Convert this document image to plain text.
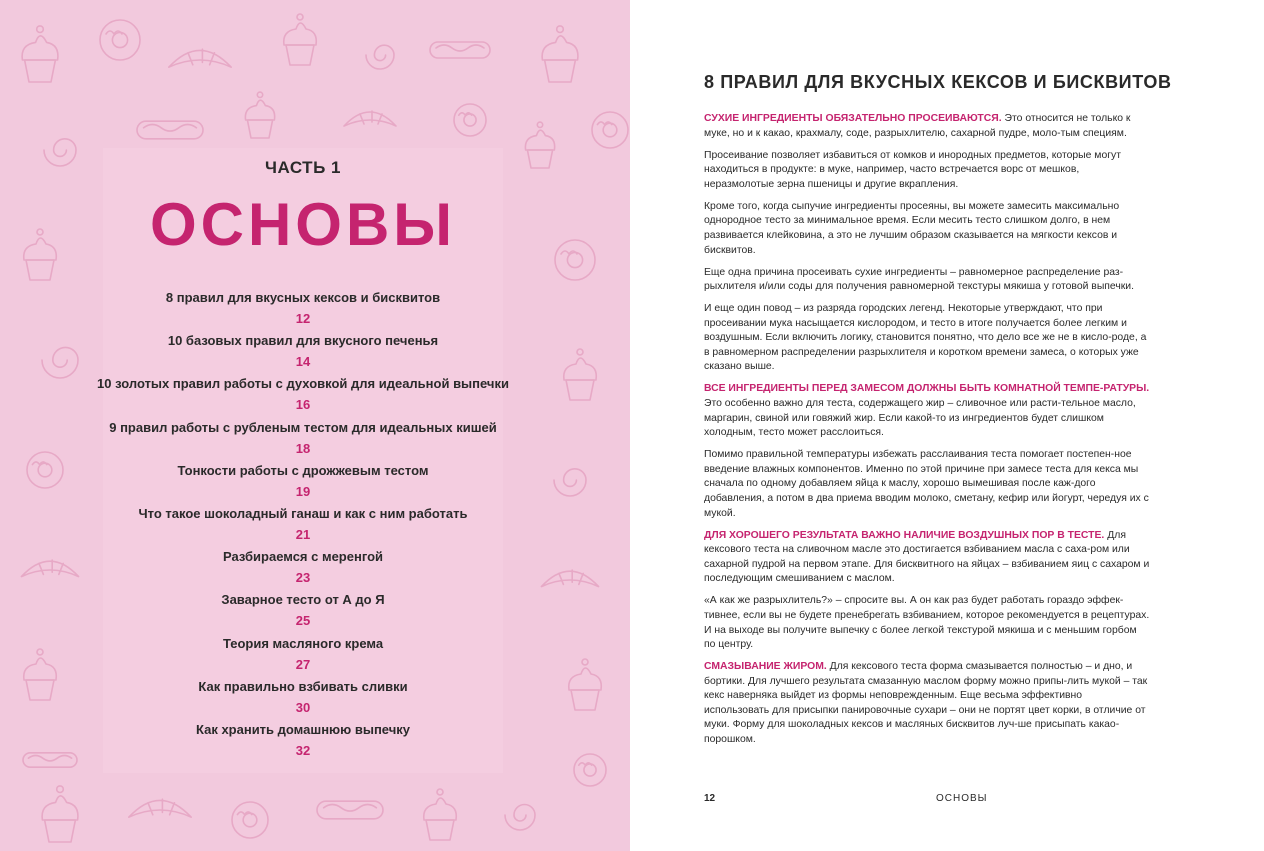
ЧАСТЬ 1
ОСНОВЫ
8 правил для вкусных кексов и бисквитов
12
10 базовых правил для вкусного печенья
14
10 золотых правил работы с духовкой для идеальной выпечки
16
9 правил работы с рубленым тестом для идеальных кишей
18
Тонкости работы с дрожжевым тестом
19
Что такое шоколадный ганаш и как с ним работать
21
Разбираемся с меренгой
23
Заварное тесто от А до Я
25
Теория масляного крема
27
Как правильно взбивать сливки
30
Как хранить домашнюю выпечку
32
8 ПРАВИЛ ДЛЯ ВКУСНЫХ КЕКСОВ И БИСКВИТОВ

СУХИЕ ИНГРЕДИЕНТЫ ОБЯЗАТЕЛЬНО ПРОСЕИВАЮТСЯ. Это относится не только к муке, но и к какао, крахмалу, соде, разрыхлителю, сахарной пудре, моло-тым специям.

Просеивание позволяет избавиться от комков и инородных предметов, которые могут находиться в продукте: в муке, например, часто встречается ворс от мешков, неразмолотые зерна пшеницы и другие вкрапления.

Кроме того, когда сыпучие ингредиенты просеяны, вы можете замесить максимально однородное тесто за минимальное время. Если месить тесто слишком долго, в нем развивается клейковина, а это не лучшим образом сказывается на мягкости кексов и бисквитов.

Еще одна причина просеивать сухие ингредиенты – равномерное распределение раз-рыхлителя и/или соды для получения равномерной текстуры мякиша у готовой выпечки.

И еще один повод – из разряда городских легенд. Некоторые утверждают, что при просеивании мука насыщается кислородом, и тесто в итоге получается более легким и воздушным. Если включить логику, становится понятно, что дело все же не в кисло-роде, а в равномерном распределении разрыхлителя и коротком времени замеса, о которых уже сказано выше.

ВСЕ ИНГРЕДИЕНТЫ ПЕРЕД ЗАМЕСОМ ДОЛЖНЫ БЫТЬ КОМНАТНОЙ ТЕМПЕ-РАТУРЫ. Это особенно важно для теста, содержащего жир – сливочное или расти-тельное масло, маргарин, свиной или говяжий жир. Если какой-то из ингредиентов будет слишком холодным, тесто может расслоиться.

Помимо правильной температуры избежать расслаивания теста помогает постепен-ное введение влажных компонентов. Именно по этой причине при замесе теста для кекса мы сначала по одному добавляем яйца к маслу, хорошо вымешивая после каж-дого добавления, а потом в два приема вводим молоко, сметану, кефир или йогурт, чередуя их с мукой.

ДЛЯ ХОРОШЕГО РЕЗУЛЬТАТА ВАЖНО НАЛИЧИЕ ВОЗДУШНЫХ ПОР В ТЕСТЕ. Для кексового теста на сливочном масле это достигается взбиванием масла с саха-ром или сахарной пудрой на первом этапе. Для бисквитного на яйцах – взбиванием яиц с сахаром и последующим смешиванием с маслом.

«А как же разрыхлитель?» – спросите вы. А он как раз будет работать гораздо эффек-тивнее, если вы не будете пренебрегать взбиванием, которое рекомендуется в рецептурах. И на выходе вы получите выпечку с более легкой текстурой мякиша и с меньшим горбом по центру.

СМАЗЫВАНИЕ ЖИРОМ. Для кексового теста форма смазывается полностью – и дно, и бортики. Для лучшего результата смазанную маслом форму можно припы-лить мукой – так кекс наверняка выйдет из формы неповрежденным. Еще весьма эффективно использовать для присыпки панировочные сухари – они не портят цвет корки, в отличие от муки. Форму для шоколадных кексов и масляных бисквитов луч-ше присыпать какао-порошком.

12	ОСНОВЫ
